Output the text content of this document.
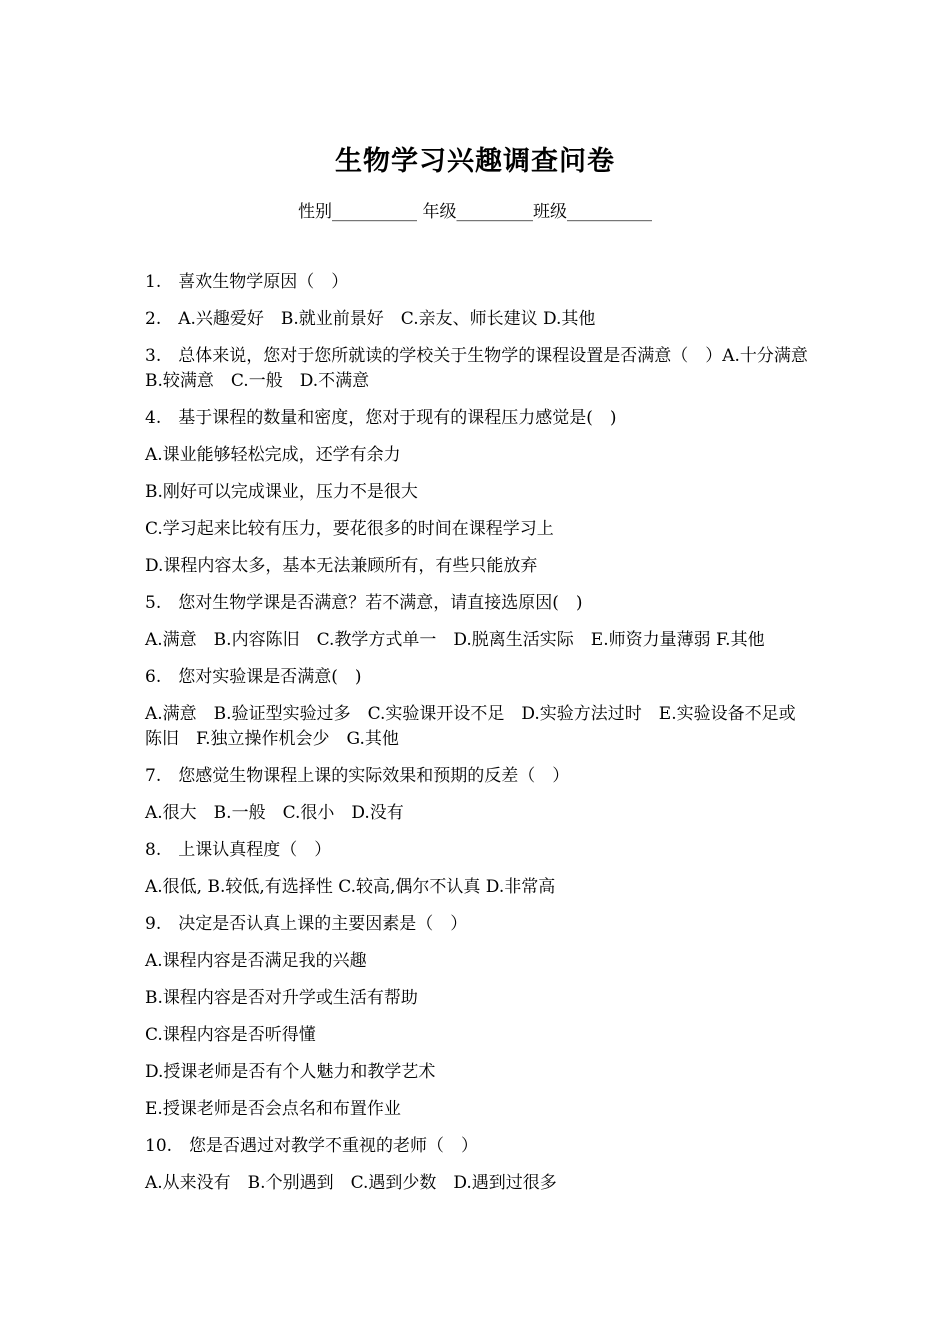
生物学习兴趣调查问卷
性别__________ 年级_________班级__________
1.　喜欢生物学原因（　）
2.　A.兴趣爱好　B.就业前景好　C.亲友、师长建议 D.其他
3.　总体来说，您对于您所就读的学校关于生物学的课程设置是否满意（　）A.十分满意　B.较满意　C.一般　D.不满意
4.　基于课程的数量和密度，您对于现有的课程压力感觉是(　)
A.课业能够轻松完成，还学有余力
B.刚好可以完成课业，压力不是很大
C.学习起来比较有压力，要花很多的时间在课程学习上
D.课程内容太多，基本无法兼顾所有，有些只能放弃
5.　您对生物学课是否满意？若不满意，请直接选原因(　)
A.满意　B.内容陈旧　C.教学方式单一　D.脱离生活实际　E.师资力量薄弱 F.其他
6.　您对实验课是否满意(　)
A.满意　B.验证型实验过多　C.实验课开设不足　D.实验方法过时　E.实验设备不足或陈旧　F.独立操作机会少　G.其他
7.　您感觉生物课程上课的实际效果和预期的反差（　）
A.很大　B.一般　C.很小　D.没有
8.　上课认真程度（　）
A.很低, B.较低,有选择性 C.较高,偶尔不认真 D.非常高
9.　决定是否认真上课的主要因素是（　）
A.课程内容是否满足我的兴趣
B.课程内容是否对升学或生活有帮助
C.课程内容是否听得懂
D.授课老师是否有个人魅力和教学艺术
E.授课老师是否会点名和布置作业
10.　您是否遇过对教学不重视的老师（　）
A.从来没有　B.个别遇到　C.遇到少数　D.遇到过很多
